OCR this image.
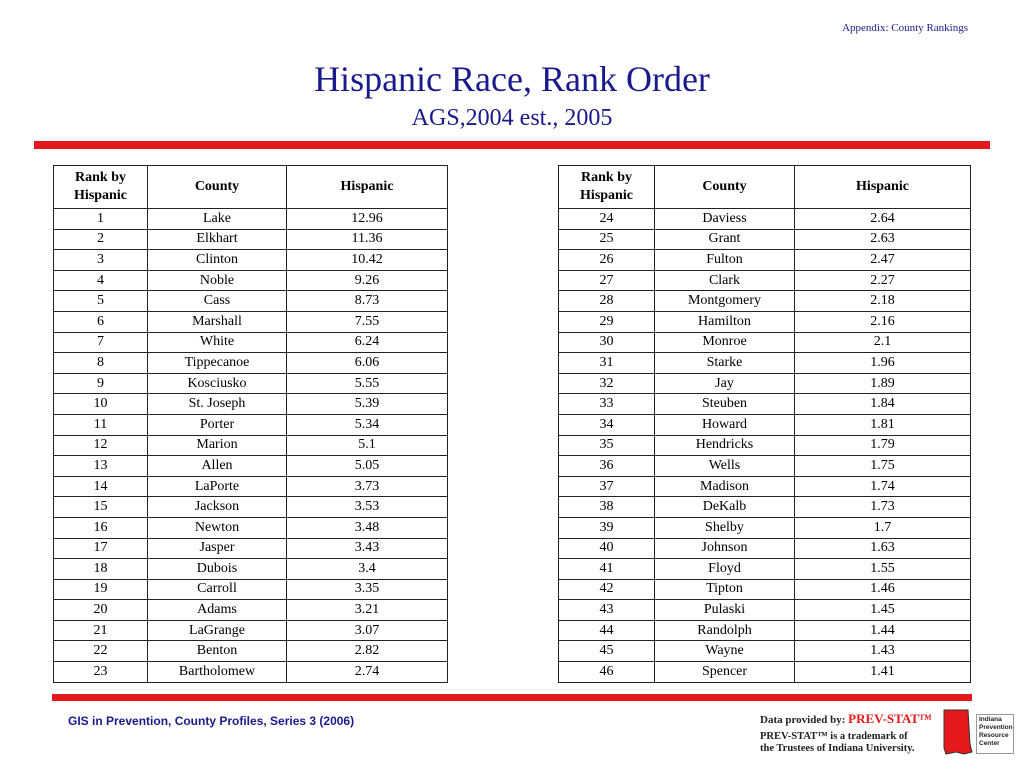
Appendix: County Rankings
Hispanic Race, Rank Order
AGS,2004 est., 2005
Rank by Hispanic	County	Hispanic
1	Lake	12.96
2	Elkhart	11.36
3	Clinton	10.42
4	Noble	9.26
5	Cass	8.73
6	Marshall	7.55
7	White	6.24
8	Tippecanoe	6.06
9	Kosciusko	5.55
10	St. Joseph	5.39
11	Porter	5.34
12	Marion	5.1
13	Allen	5.05
14	LaPorte	3.73
15	Jackson	3.53
16	Newton	3.48
17	Jasper	3.43
18	Dubois	3.4
19	Carroll	3.35
20	Adams	3.21
21	LaGrange	3.07
22	Benton	2.82
23	Bartholomew	2.74
Rank by Hispanic	County	Hispanic
24	Daviess	2.64
25	Grant	2.63
26	Fulton	2.47
27	Clark	2.27
28	Montgomery	2.18
29	Hamilton	2.16
30	Monroe	2.1
31	Starke	1.96
32	Jay	1.89
33	Steuben	1.84
34	Howard	1.81
35	Hendricks	1.79
36	Wells	1.75
37	Madison	1.74
38	DeKalb	1.73
39	Shelby	1.7
40	Johnson	1.63
41	Floyd	1.55
42	Tipton	1.46
43	Pulaski	1.45
44	Randolph	1.44
45	Wayne	1.43
46	Spencer	1.41
GIS in Prevention, County Profiles, Series 3 (2006)	Data provided by: PREV-STAT™
PREV-STAT™ is a trademark of
the Trustees of Indiana University.
Indiana Prevention Resource Center
